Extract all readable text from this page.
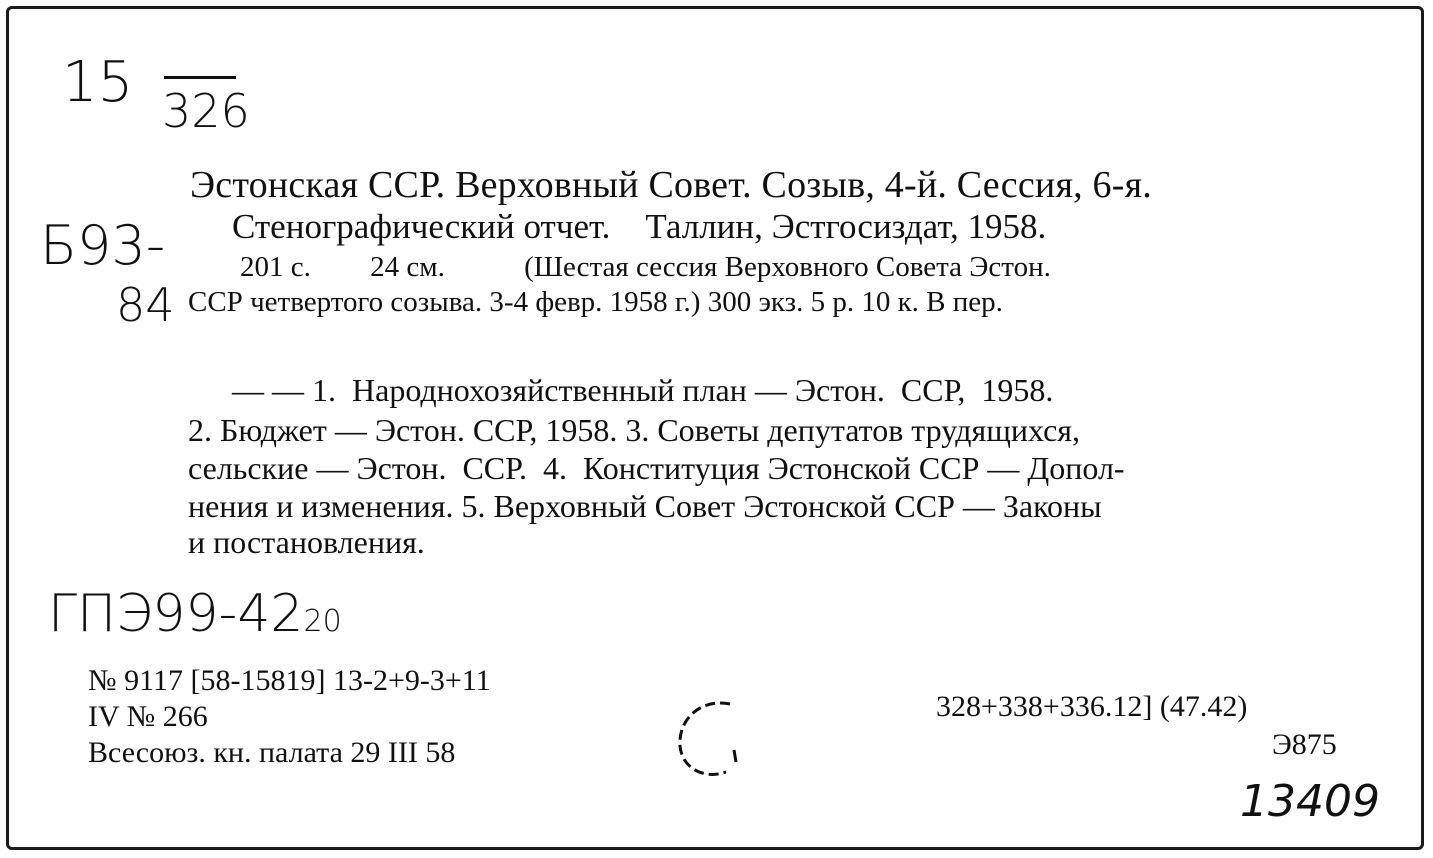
15 326
Б93-
84
Эстонская ССР. Верховный Совет. Созыв, 4-й. Сессия, 6-я.
Стенографический отчет.    Таллин, Эстгосиздат, 1958.
201 с. 24 см.	(Шестая сессия Верховного Совета Эстон.
ССР четвертого созыва. 3-4 февр. 1958 г.) 300 экз. 5 р. 10 к. В пер.
— — 1.  Народнохозяйственный план — Эстон.  ССР,  1958.
2. Бюджет — Эстон. ССР, 1958. 3. Советы депутатов трудящихся,
сельские — Эстон.  ССР.  4.  Конституция Эстонской ССР — Допол-
нения и изменения. 5. Верховный Совет Эстонской ССР — Законы
и постановления.
ГПЭ99-4220
№ 9117 [58-15819] 13-2+9-3+11
IV № 266
Всесоюз. кн. палата 29 III 58
328+338+336.12] (47.42)
Э875
13409
